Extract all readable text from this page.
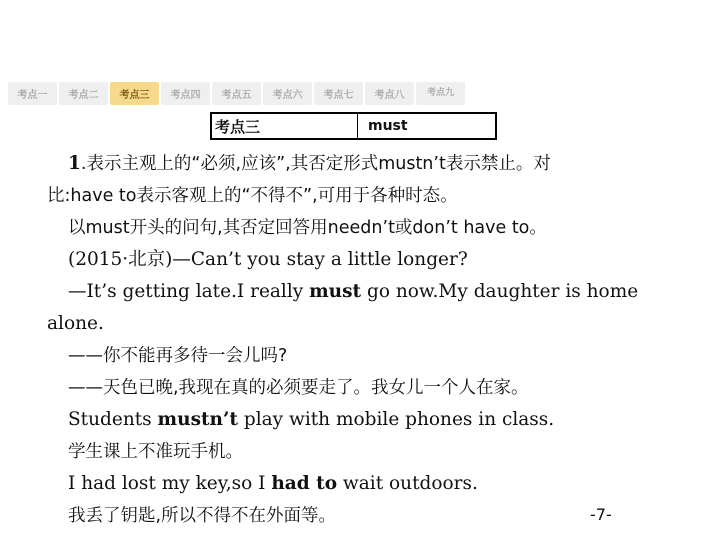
考点一	考点二	考点三	考点四	考点五	考点六	考点七	考点八	考点九
考点三	must

1.表示主观上的“必须,应该”,其否定形式mustn’t表示禁止。对

比:have to表示客观上的“不得不”,可用于各种时态。

以must开头的问句,其否定回答用needn’t或don’t have to。

(2015·北京)—Can’t you stay a little longer?

—It’s getting late.I really must go now.My daughter is home

alone.

——你不能再多待一会儿吗?

——天色已晚,我现在真的必须要走了。我女儿一个人在家。

Students mustn’t play with mobile phones in class.

学生课上不准玩手机。

I had lost my key,so I had to wait outdoors.

我丢了钥匙,所以不得不在外面等。	-7-
